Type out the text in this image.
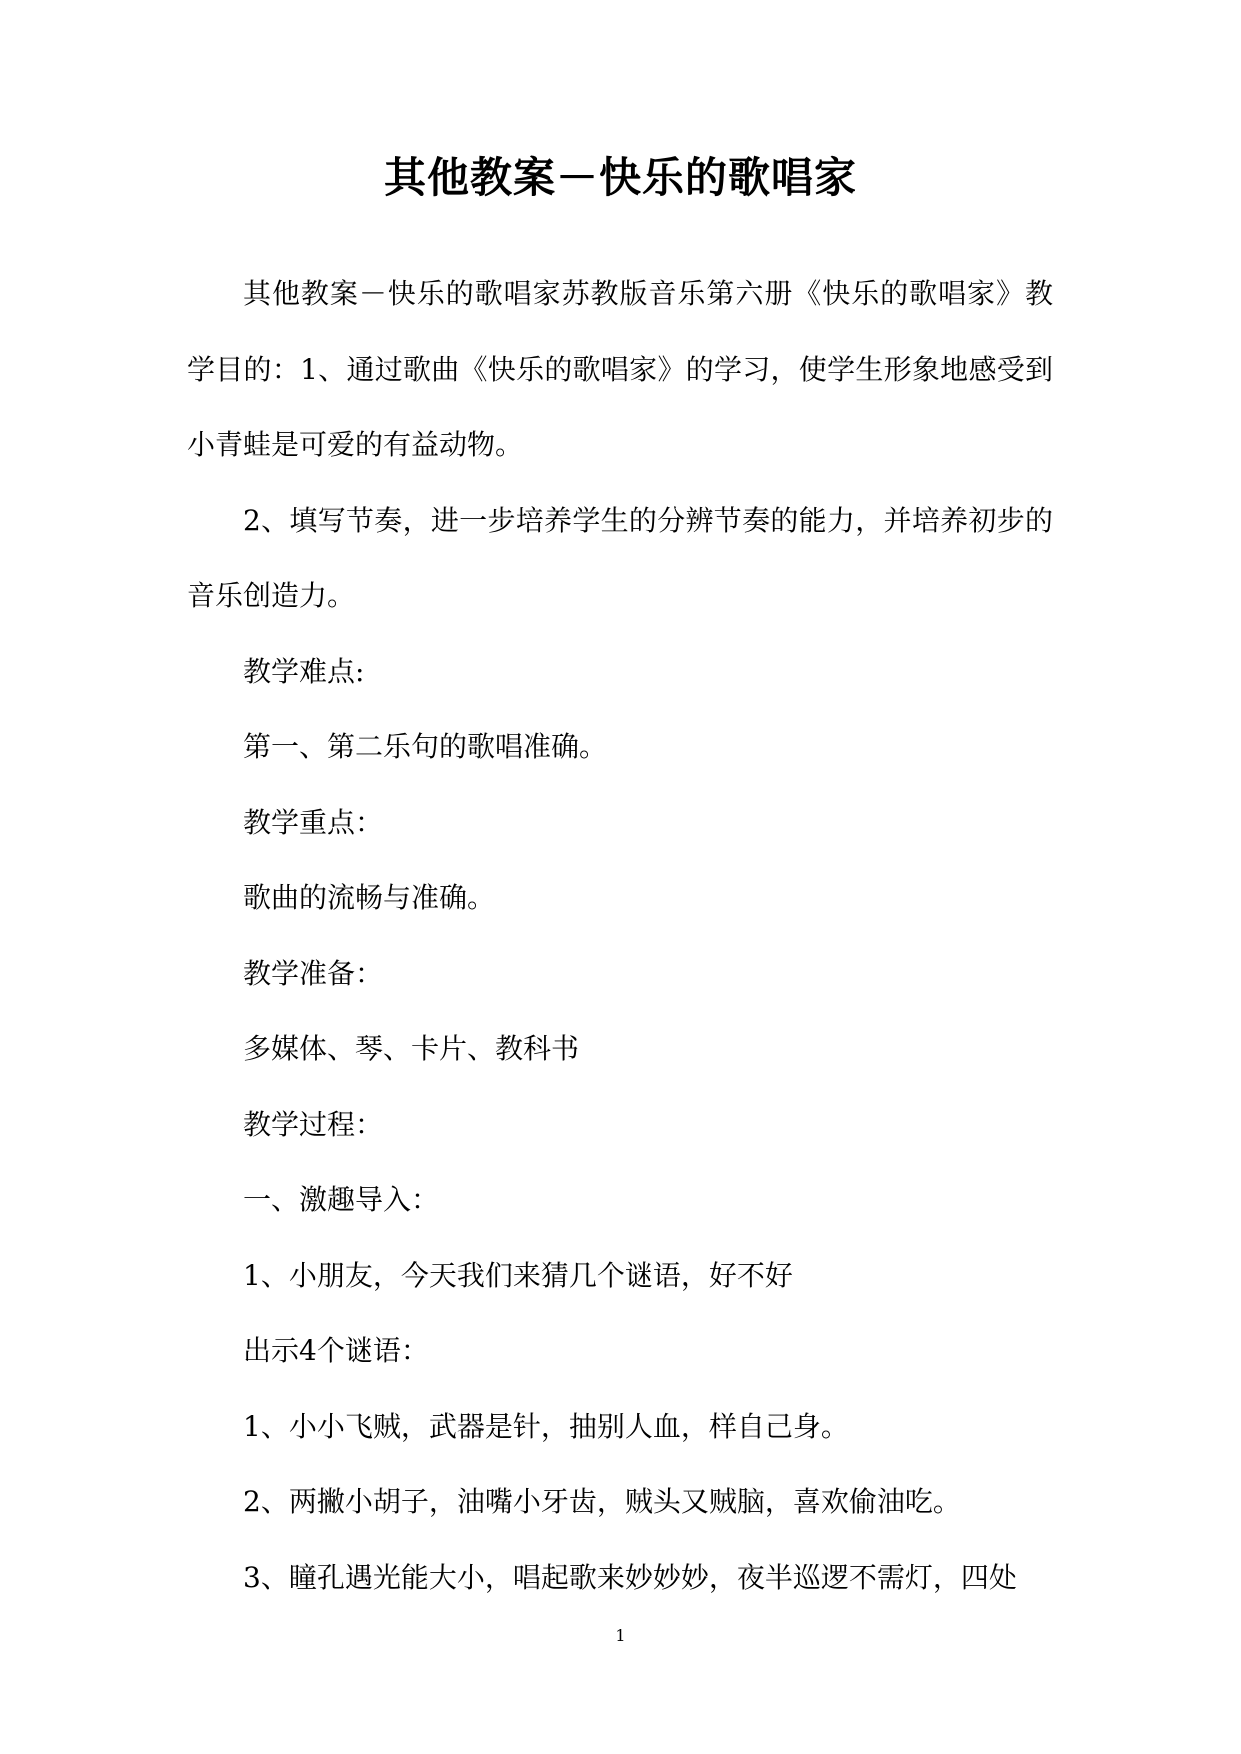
其他教案－快乐的歌唱家

其他教案－快乐的歌唱家苏教版音乐第六册《快乐的歌唱家》教学目的：1、通过歌曲《快乐的歌唱家》的学习，使学生形象地感受到小青蛙是可爱的有益动物。

2、填写节奏，进一步培养学生的分辨节奏的能力，并培养初步的音乐创造力。

教学难点:

第一、第二乐句的歌唱准确。

教学重点：

歌曲的流畅与准确。

教学准备：

多媒体、琴、卡片、教科书

教学过程：

一、激趣导入：

1、小朋友，今天我们来猜几个谜语，好不好

出示4个谜语：

1、小小飞贼，武器是针，抽别人血，样自己身。

2、两撇小胡子，油嘴小牙齿，贼头又贼脑，喜欢偷油吃。

3、瞳孔遇光能大小，唱起歌来妙妙妙，夜半巡逻不需灯，四处

1
